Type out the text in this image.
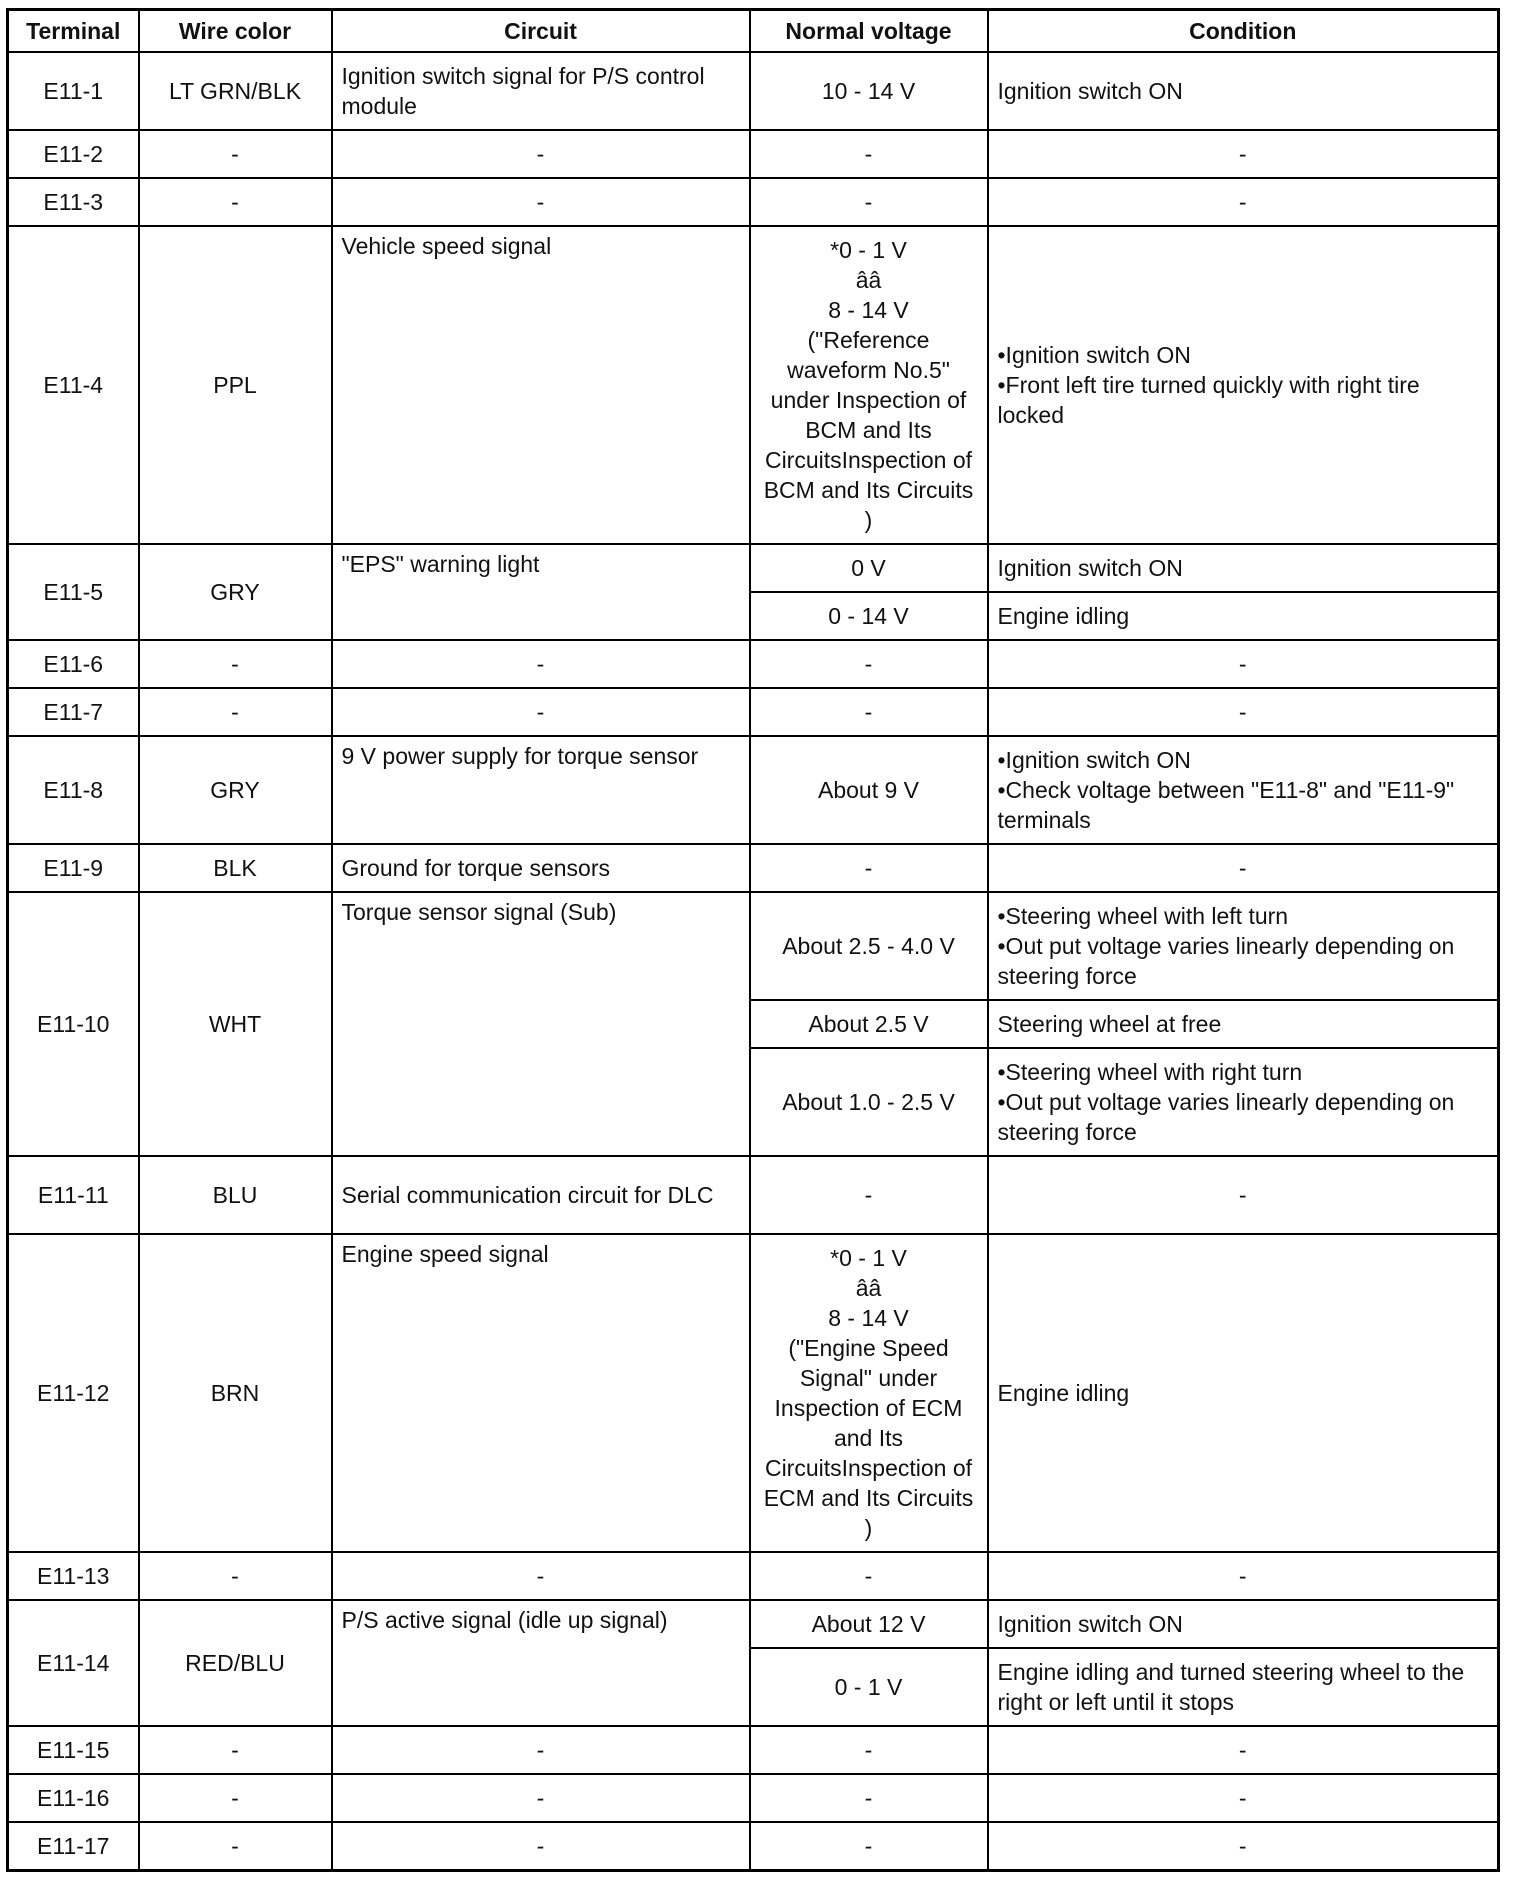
Terminal	Wire color	Circuit	Normal voltage	Condition
E11-1	LT GRN/BLK	Ignition switch signal for P/S control module	10 - 14 V	Ignition switch ON
E11-2	-	-	-	-
E11-3	-	-	-	-
E11-4	PPL	Vehicle speed signal	*0 - 1 V
ââ
8 - 14 V
("Reference waveform No.5" under Inspection of BCM and Its CircuitsInspection of BCM and Its Circuits )	•Ignition switch ON
•Front left tire turned quickly with right tire locked

E11-5	GRY	"EPS" warning light	0 V	Ignition switch ON
			0 - 14 V	Engine idling
E11-6	-	-	-	-
E11-7	-	-	-	-
E11-8	GRY	9 V power supply for torque sensor	About 9 V	•Ignition switch ON
•Check voltage between "E11-8" and "E11-9" terminals

E11-9	BLK	Ground for torque sensors	-	-
E11-10	WHT	Torque sensor signal (Sub)	About 2.5 - 4.0 V	•Steering wheel with left turn
•Out put voltage varies linearly depending on steering force

			About 2.5 V	Steering wheel at free
			About 1.0 - 2.5 V	•Steering wheel with right turn
•Out put voltage varies linearly depending on steering force

E11-11	BLU	Serial communication circuit for DLC	-	-
E11-12	BRN	Engine speed signal	*0 - 1 V
ââ
8 - 14 V
("Engine Speed Signal" under Inspection of ECM and Its CircuitsInspection of ECM and Its Circuits )	Engine idling
E11-13	-	-	-	-
E11-14	RED/BLU	P/S active signal (idle up signal)	About 12 V	Ignition switch ON
			0 - 1 V	Engine idling and turned steering wheel to the right or left until it stops
E11-15	-	-	-	-
E11-16	-	-	-	-
E11-17	-	-	-	-
